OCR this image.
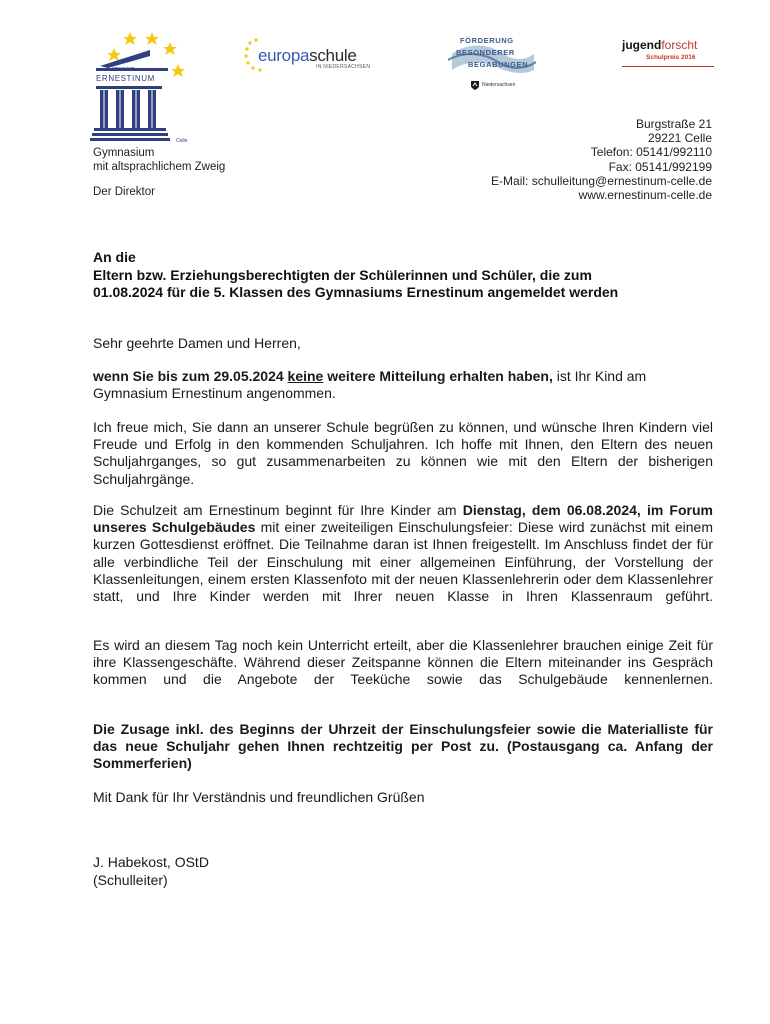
Gymnasium
ERNESTINUM
Celle
europaschule
IN NIEDERSACHSEN
FÖRDERUNG
BESONDERER
BEGABUNGEN
Niedersachsen
jugendforscht
Schulpreis 2016
Gymnasium
mit altsprachlichem Zweig
Der Direktor
Burgstraße 21
29221 Celle
Telefon: 05141/992110
Fax: 05141/992199
E-Mail: schulleitung@ernestinum-celle.de
www.ernestinum-celle.de
An die
Eltern bzw. Erziehungsberechtigten der Schülerinnen und Schüler, die zum
01.08.2024 für die 5. Klassen des Gymnasiums Ernestinum angemeldet werden
Sehr geehrte Damen und Herren,
wenn Sie bis zum 29.05.2024 keine weitere Mitteilung erhalten haben, ist Ihr Kind am Gymnasium Ernestinum angenommen.
Ich freue mich, Sie dann an unserer Schule begrüßen zu können, und wünsche Ihren Kindern viel Freude und Erfolg in den kommenden Schuljahren. Ich hoffe mit Ihnen, den Eltern des neuen Schuljahrganges, so gut zusammenarbeiten zu können wie mit den Eltern der bisherigen Schuljahrgänge.
Die Schulzeit am Ernestinum beginnt für Ihre Kinder am Dienstag, dem 06.08.2024, im Forum unseres Schulgebäudes mit einer zweiteiligen Einschulungsfeier: Diese wird zunächst mit einem kurzen Gottesdienst eröffnet. Die Teilnahme daran ist Ihnen freigestellt. Im Anschluss findet der für alle verbindliche Teil der Einschulung mit einer allgemeinen Einführung, der Vorstellung der Klassenleitungen, einem ersten Klassenfoto mit der neuen Klassenlehrerin oder dem Klassenlehrer statt, und Ihre Kinder werden mit Ihrer neuen Klasse in Ihren Klassenraum geführt.
Es wird an diesem Tag noch kein Unterricht erteilt, aber die Klassenlehrer brauchen einige Zeit für ihre Klassengeschäfte. Während dieser Zeitspanne können die Eltern miteinander ins Gespräch kommen und die Angebote der Teeküche sowie das Schulgebäude kennenlernen.
Die Zusage inkl. des Beginns der Uhrzeit der Einschulungsfeier sowie die Materialliste für das neue Schuljahr gehen Ihnen rechtzeitig per Post zu. (Postausgang ca. Anfang der Sommerferien)
Mit Dank für Ihr Verständnis und freundlichen Grüßen
J. Habekost, OStD
(Schulleiter)
